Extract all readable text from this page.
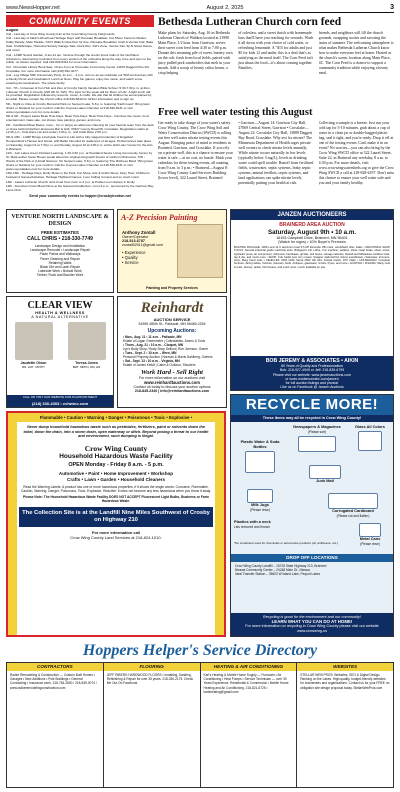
www.NewsHopper.net	August 2, 2025	3
COMMUNITY EVENTS
August

2nd - Last day of Crow Wing County Fair at the Crow Wing County Fairgrounds

2nd - Last day of Aitkin's Riverboat Heritage Days with Pancake Breakfast, Car Show, Farmers Market, Kiddy Parade, Main Parade, STAY Walk & Glow Run for Zoe, Pancake Breakfast, Craft & Vendor Fair, Bake Sale, Craft/Antique, Historical Society Garage Sale, Duck Run, Kid's Zone, Vendor Fair, 5p-N Street Dance, and more!

2nd - LAMP Sound Garden, 9 am-11 am. Venture through the scenic forest trails of the Northland Arboretum, discovering musicians from every section of the orchestra along the way. Free and open to the public; no tickets required. Call 218-829-8312 for more information.

3rd - Chocolate Library Book Sale, 10 am-3 pm at Chocolate Community Center 14106 Daggett Pine Rd, Crosslake. For more information call (218) 692-4277.

2nd - Log Village 50th Anniversary Party, 11 a.m. - 4 p.m. Join us as we celebrate our 50th Anniversary with a Family Picnic and Celebration! Lunch at Noon. Play fun games, enjoy live music, and watch some amazing demonstrations. The whole family.

3rd - 7th - Immanuel of Iron Hub and Zion of Crosby Family Vacation Bible School. 5:30-7:30 p.m. at Zion Lutheran Church in Crosby (225 4th St. NW). The topic for the week will be 'River of Life'. A light lunch will be provided. Registration followed by lessons, music, & crafts. We ask that all children be accompanied by an adult. Please contact the church office 218-546-6810 for further information and to sign up.

5th - Night to Unite at Crosby Memorial Park on Serpent Lake, 5-8 p.m. featuring 'Faith Good'. Bring lawn chairs or blankets for your comfort. Call the Cuyuna Lakes Chamber at 218-546-8131 or visit www.cuyunalakes.com for more details.

8th & 9th - Pequot Lakes Bean Hole Days. Bean Hole Days. Bean Hole Days - Carnival, live music, food, entertainment, bake sale, car shows, face painting, games, and more.

9th - Cardboard Boat Races, noon - 3 p.m. Enjoy an afternoon cheering for your favorite team from the deck or shore behind Northern Exposure Bar & Grill, 37627 County Road 66, Crosslake. Registration starts at 12:45 p.m., Kids Race (12 and under) 1:00 p.m., and Adult Race 2:00 p.m.

8th & 10th - LAMP Brings a Fairytale Forest to Life with a fully staged production of Engelbert Humperdinck's Hansel and Gretel, with Ballet Intended for audiences of all ages. Performances take place on Saturday, August 9 at 7:30 p.m. and Sunday, August 10 at 3:00 p.m. at the Gichi-ode' Center for the Arts in Brainerd.

11th - Join Lakes Area Unlimited Learning, 1:30-3:30 p.m. at Heartland Senior Living Community Center by St. Mark author Karen Brown speak about the original old growth forests of northern Minnesota, 'MN - Words of the Park or (Untold Stories).' On Serpent Lake, 5-8 p.m. featuring 'The Ritchees Band.' Bring lawn chairs or blankets for your comfort. Call the Cuyuna Lakes Chamber at 218-546-8131 or visit www.cuyunalakes.com for more details.

14th-16th - Heritage Days, Emily Music in the Park, Car Show, Arts & Crafts Show, Story Hour, Children's Festival of Games/Activities, Heritage Highland Games, Loon Calling Contest and so much more!

16th - Lakers Lutheran Church Joint Food from noon to 3 p.m. at Pokket Loon Saloon in Emily.

19th - American Cross Blood Drive at the Garwood Auditorium, noon-6 p.m., sponsored by the Garrison Bay Lions Club.

Send your community events to hopper@crosbyironton.net
Bethesda Lutheran Church corn feed
Make plans for Saturday, Aug. 16 as Bethesda Lutheran Church of Wahkon located at 21990 Main Place, 1/2 hour from Garrison, serves their sweet corn feed from 4:30 to 7:00 p.m. Donate this steaming pile of sweet, buttery corn on the cob, fresh from local fields, paired with juicy pulled pork sandwiches that melt in your mouth. Add a scoop of hearty calico beans, a crisp helping
of coleslaw, and a sweet finish with homemade bars that'll have you reaching for seconds. Wash it all down with your choice of cold water, or refreshing lemonade. A "$15 for adults and just $5 for kids 12 and under, this is a deal that's as satisfying as the meal itself. The Corn Feed isn't just about the food—it's about coming together. Families,
friends, and neighbors will fill the church grounds, swapping stories and savoring the tastes of summer. The welcoming atmosphere is what makes Bethesda Lutheran Church know how to make everyone feel at home. Hosted at the church's scenic location along Main Place, 4C. The Corn Feed is a chance to support a community tradition while enjoying a hearty meal.
Free well water testing this August
Get ready to take charge of your water's safety. Crow Wing County, The Crow Wing Soil and Water Conservation District (SWCD) is rolling out free well water nitrate testing events this August. Bringing peace of mind to residents in Brainerd, Garrison, and Crosslake. If you rely on a private well, this is a chance to ensure your water is safe —at no cost, no hassle. Mark your calendars for these testing events, all running from 9 a.m. to 3 p.m.: • Brainerd—August 8: Crow Wing County Land Services Building (lower level), 322 Laurel Street, Brainerd
• Garrison—August 14: Garrison City Hall, 27069 Central Street, Garrison • Crosslake—August 22: Crosslake City Hall, 13888 Daggett Bay Road, Crosslake. Why test for nitrate? The Minnesota Department of Health urges private well owners to check nitrate levels annually. While nitrate occurs naturally in low levels (typically below 3 mg/L), levels in drinking water could spell trouble. Runoff from fertilized fields, wastewater, septic systems, leaky septic systems, animal feedlots, septic systems, and land applications can spike nitrate levels, potentially putting your health at risk.
Collecting a sample is a breeze. Just run your cold tap for 5-10 minutes, grab about a cup of water in a clean jar or double-bagged plastic bag, seal it tight, and you're ready. Drop it off at one of the testing events. Can't make it in an event? No worries—you can also bring by the Crow Wing SWCD office at 322 Laurel Street, Suite 22, in Brainerd any weekday, 8 a.m. to 4:30 p.m. For more details, visit www.crowwingwatersheds.org or give the Crow Wing SWCD a call at 218-828-6197. Don't miss this chance to ensure your well water safe and you and your family healthy.
VENTURE NORTH LANDSCAPE & DESIGN
FREE ESTIMATES
CALL CHRIS • 218-330-7749
Landscape Design and Installation
Landscape Remodel • Landscape Repair
Paver Patios and Walkways
Paver Cleaning and Repair
Retaining Walls
Black Dirt and Lawn Repair
Lakeside Work • Bobcat Work
Timber, Rock and Boulder Work
A-Z Precision Painting
Anthony Zontall
Owner/Operator
218-513-6787
zontall52011@gmail.com
• Experience
• Quality
• Service
Painting and Property Services
JANZEN AUCTIONEERS
BRAINERD AREA AUCTION
Saturday, August 9th • 10 a.m.
16153 Campbell Drive, Brainerd, MN 56401
(Watch for signs) • 10% Buyer's Premium
BOATING PACKAGE: 1969 Lund 14 ft aluminum boat 6.5 HP Evinrude OB motor, windshield, tiller, trailer • INDUSTRIAL SHOP TOOLS: Several industrial grade machinist tools, Bridgeport mill, Lathe, Cnc machine, welders, sheet metal brake, shear, press, Hydraulic press, air compressor, drill press, bandsaws, grinder, tool boxes, storage cabinets, Dewalt and Milwaukee cordless tools, tap & die, and much more • SHOP: Cub Cadet zero turn mower, Snapper walk behind, Ariens snowblower, chainsaws, trimmers, tools, Many hand tools • VEHICLES: 2004 GMC Sierra 2500 HD 4X4, Kubota tractor, ATV trailer • HOUSEHOLD: Complete furniture, dining tables, hutches, dressers, beds, Antiques, glassware, crocks, Pyrex, and more • HUNTING / FISHING: Many rods & reels, decoys, tackle, fish houses, and much more. Lunch available on site.
BOB JEREMY & ASSOCIATES • AIKIN
80 Years of Quality and Professionalism
Bob: 218-927-4949 or Jeff: 218-839-6799
Please visit our website: www.janzenauctions.com
or www.mndemocratic.com/janzen
for full auction listings and photos!
Like us on Facebook @ Janzen Auctions
CLEAR VIEW
HEALTH & WELLNESS
A NATURAL ALTERNATIVE
Jaudette Olson
RN, LMT, CMTPT
Teresa Jones
BMT, MPPN, RM, HR
CALL OR VISIT OUR WEBSITE FOR AN APPOINTMENT
(218) 330-4303 • cvhwinc.com
Reinhardt
AUCTION SERVICE
34996 480th St., Palisade, MN 56469-2254
Upcoming Auctions:
• Mon., Aug. 11 • 11 a.m. - Palisade, MN
Estate of Logan Greenmeier | Collectables, Ammo & Tools
• Thurs., Aug. 21 • 10 a.m. - Cloquet, MN
Lyn's Body Shop / Body Shop Sellout | Ron Johnson, Owner
• Tues., Sept. 2 • 10 a.m. - Wren, MN
Personal Property Auction | Norman & Mavis Dahlberg, Owners
• Sat., Sept. 13 • 10 a.m. - Virginia, MN
Estate of James Kieldt | Cabin & Outdoor, Shooters
Work Hard - Sell Right
For more information on our auctions visit
www.reinhardtauctions.com
Contact us today to discuss your auction options
218-845-2340 | info@reinhardtauctions.com
Flammable • Caution • Warning • Danger • Poisonous • Toxic • Explosive •
Never dump household hazardous waste such as pesticides, fertilizers, paint or solvents down the toilet, down the drain, into a storm drain, open waterway or ditch. Beyond posing a threat to our health and environment, such dumping is illegal.
Crow Wing County
Household Hazardous Waste Facility
OPEN Monday - Friday 8 a.m. - 5 p.m.
Automotive • Paint • Home Improvement • Workshop
Crafts • Lawn • Garden • Household Cleaners
Read the Warning Labels: A product has one or more hazardous properties, if it shows the single words: Corrosive, Flammable, Caution, Warning, Danger, Poisonous, Toxic, Explosive. Reactive: It does not become any less hazardous when you throw it away.
Please Note: The Household Hazardous Waste Facility DOES NOT ACCEPT Fluorescent Light Bulbs, Business or Farm Hazardous Waste.
The Collection Site is at the Landfill Nine Miles Southwest of Crosby on Highway 210
For more information call
Crow Wing County Land Services at 218-824-1010.
RECYCLE MORE!
These Items may all be recycled in Crow Wing County!
Newspapers & Magazines
(Please sort)
Glass All Colors
Plastic Water & Soda Bottles
Junk Mail
Milk Jugs
(Please rinse)	Corrugated Cardboard
(Please cut and flatten)
Plastics with a neck
Lids removed and thrown
Metal Cans
(Please rinse)
*No containers used for chemicals or automotive products (oil, antifreeze, etc.)
DROP OFF LOCATIONS
Crow Wing County Landfill – 15728 State Highway 210, Brainerd
Nisswa Community Center – 24248 Main St., Nisswa
Ideal Transfer Station – 35603 W Island Lake, Pequot Lakes
Recycling is good for the environment and our community!
LEARN WHAT YOU CAN DO AT HOME!
For more information on recycling in Crow Wing County please visit our website www.crowwing.us
Hoppers Helper's Service Directory
CONTRACTORS
Radke Remodeling & Construction — Custom Built Homes • Garages • New Additions • Pole Buildings • General Contracting • Insurance work. 218-764-2800 / 218-839-0074 / www.radkeremodelingconstruction.com
FLOORING
JEFF RIBERG HARDWOOD FLOORS • Installing, Sanding, Refinishing & Repair for over 35 years. 218-330-2175. Check Me Out On Facebook.
HEATING & AIR CONDITIONING
Karl's Heating & Mobile Home Supply — Furnaces • Air Conditioning • Heat Pumps • Service Technician — over 30 Years Experience. Residential & Commercial • Mobile Home Heating and Air Conditioning. 218-821-8725 • karlsheating@gmail.com
WEBSITES
STELLAR WEB PROS: Websites, SEO & Digital Design. Ranking on the Lakes. High-quality, budget-friendly websites for businesses and organizations. Contact us for your FREE no obligation site design proposal today. StellarWebPros.com
